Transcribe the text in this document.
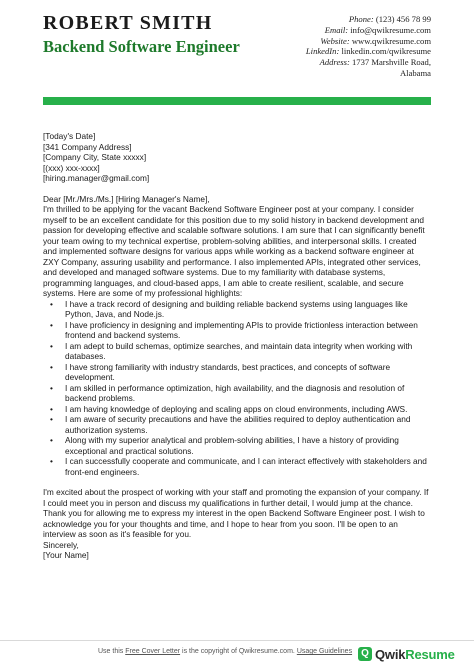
ROBERT SMITH
Backend Software Engineer
Phone: (123) 456 78 99
Email: info@qwikresume.com
Website: www.qwikresume.com
LinkedIn: linkedin.com/qwikresume
Address: 1737 Marshville Road,
Alabama

[Today's Date]

[341 Company Address]

[Company City, State xxxxx]

[(xxx) xxx-xxxx]

[hiring.manager@gmail.com]

Dear [Mr./Mrs./Ms.] [Hiring Manager's Name],
I'm thrilled to be applying for the vacant Backend Software Engineer post at your company. I consider myself to be an excellent candidate for this position due to my solid history in backend development and passion for developing effective and scalable software solutions. I am sure that I can significantly benefit your team owing to my technical expertise, problem-solving abilities, and interpersonal skills. I created and implemented software designs for various apps while working as a backend software engineer at ZXY Company, assuring usability and performance. I also implemented APIs, integrated other services, and developed and managed software systems. Due to my familiarity with database systems, programming languages, and cloud-based apps, I am able to create resilient, scalable, and secure systems. Here are some of my professional highlights:

• I have a track record of designing and building reliable backend systems using languages like Python, Java, and Node.js.
• I have proficiency in designing and implementing APIs to provide frictionless interaction between frontend and backend systems.
• I am adept to build schemas, optimize searches, and maintain data integrity when working with databases.
• I have strong familiarity with industry standards, best practices, and concepts of software development.
• I am skilled in performance optimization, high availability, and the diagnosis and resolution of backend problems.
• I am having knowledge of deploying and scaling apps on cloud environments, including AWS.
• I am aware of security precautions and have the abilities required to deploy authentication and authorization systems.
• Along with my superior analytical and problem-solving abilities, I have a history of providing exceptional and practical solutions.
• I can successfully cooperate and communicate, and I can interact effectively with stakeholders and front-end engineers.

I'm excited about the prospect of working with your staff and promoting the expansion of your company. If I could meet you in person and discuss my qualifications in further detail, I would jump at the chance. Thank you for allowing me to express my interest in the open Backend Software Engineer post. I wish to acknowledge you for your thoughts and time, and I hope to hear from you soon. I'll be open to an interview as soon as it's feasible for you.

Sincerely,

[Your Name]

Use this Free Cover Letter is the copyright of Qwikresume.com. Usage Guidelines Q QwikResume
